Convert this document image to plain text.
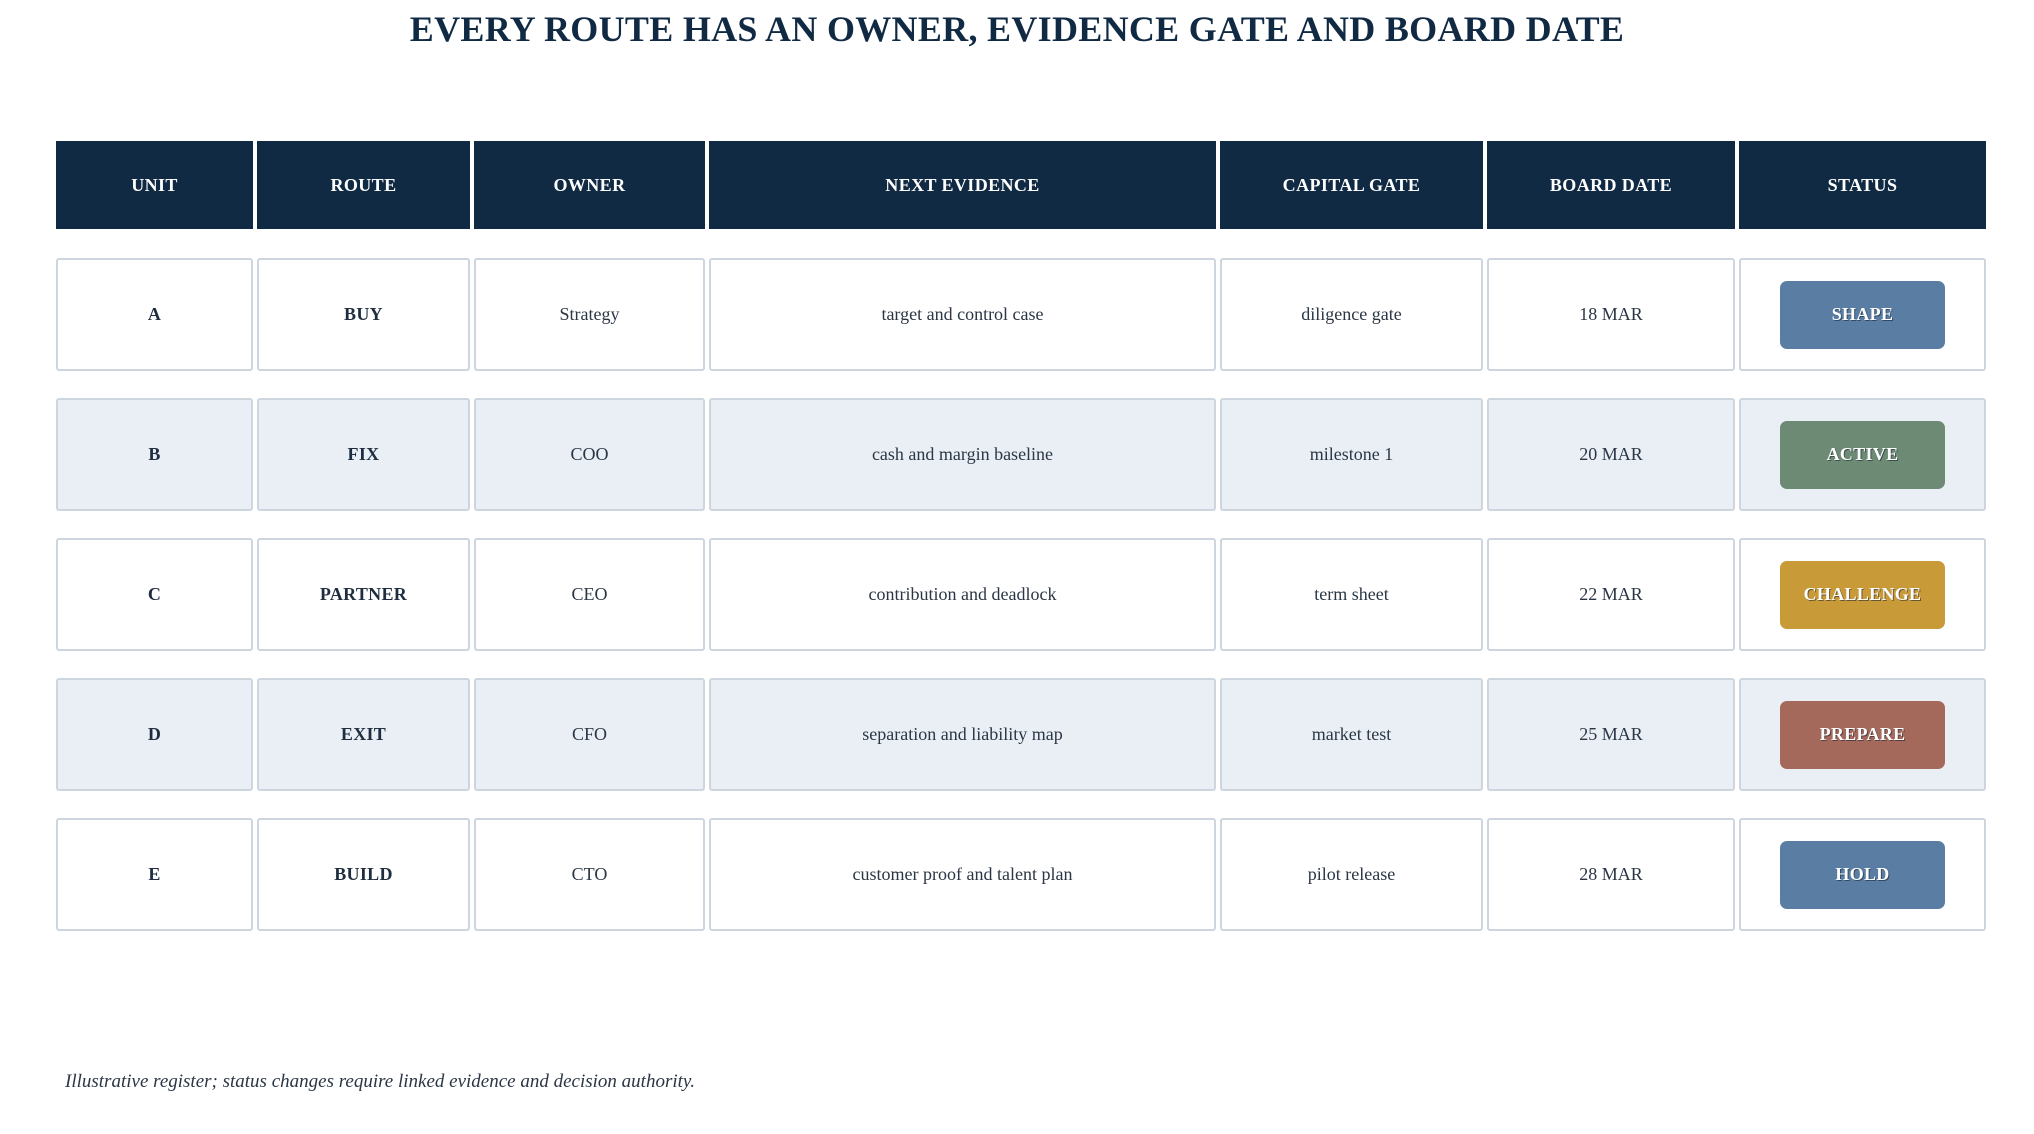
EVERY ROUTE HAS AN OWNER, EVIDENCE GATE AND BOARD DATE
UNIT	ROUTE	OWNER	NEXT EVIDENCE	CAPITAL GATE	BOARD DATE	STATUS
A	BUY	Strategy	target and control case	diligence gate	18 MAR	SHAPE
B	FIX	COO	cash and margin baseline	milestone 1	20 MAR	ACTIVE
C	PARTNER	CEO	contribution and deadlock	term sheet	22 MAR	CHALLENGE
D	EXIT	CFO	separation and liability map	market test	25 MAR	PREPARE
E	BUILD	CTO	customer proof and talent plan	pilot release	28 MAR	HOLD
Illustrative register; status changes require linked evidence and decision authority.
